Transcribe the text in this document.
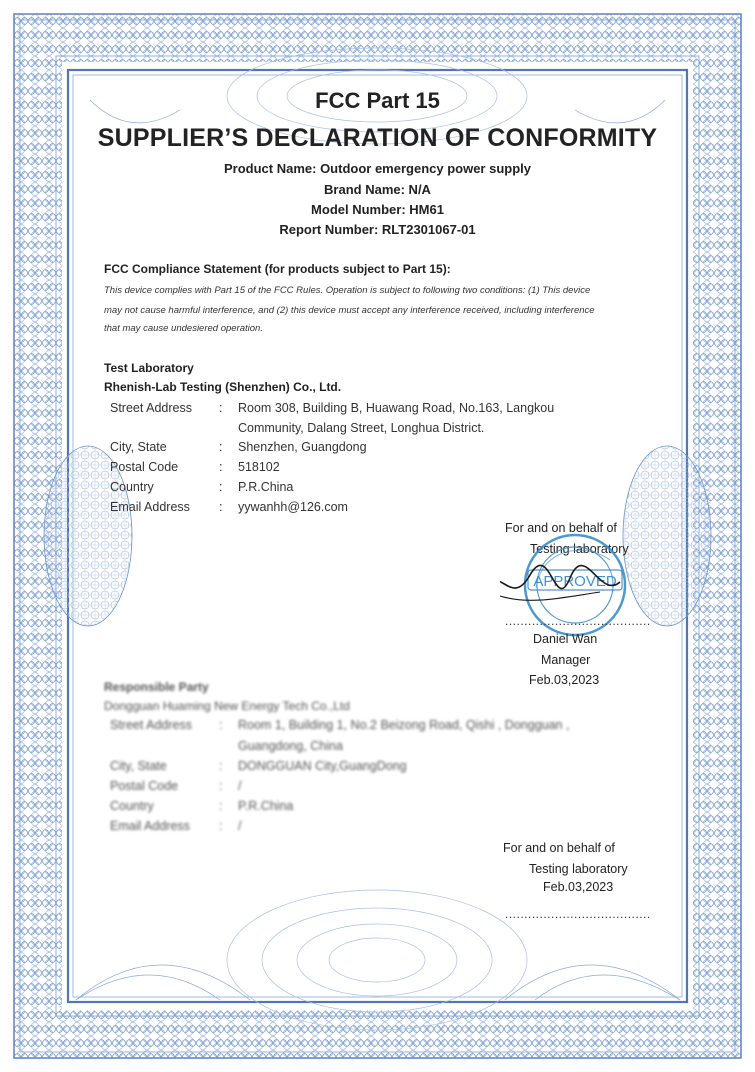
FCC Part 15
SUPPLIER’S DECLARATION OF CONFORMITY
Product Name: Outdoor emergency power supply
Brand Name: N/A
Model Number: HM61
Report Number: RLT2301067-01
FCC Compliance Statement (for products subject to Part 15):
This device complies with Part 15 of the FCC Rules. Operation is subject to following two conditions: (1) This device
may not cause harmful interference, and (2) this device must accept any interference received, including interference
that may cause undesiered operation.
Test Laboratory
Rhenish-Lab Testing (Shenzhen) Co., Ltd.
Street Address : Room 308, Building B, Huawang Road, No.163, Langkou
Community, Dalang Street, Longhua District.
City, State	: Shenzhen, Guangdong
Postal Code	: 518102
Country	: P.R.China
Email Address : yywanhh@126.com
For and on behalf of
Testing laboratory
APPROVED
......................................
Daniel Wan
Manager
Feb.03,2023
Responsible Party
Dongguan Huaming New Energy Tech Co.,Ltd
Street Address : Room 1, Building 1, No.2 Beizong Road, Qishi , Dongguan ,
Guangdong, China
City, State	: DONGGUAN City,GuangDong
Postal Code	: /
Country	: P.R.China
Email Address : /
For and on behalf of
Testing laboratory
Feb.03,2023
......................................
